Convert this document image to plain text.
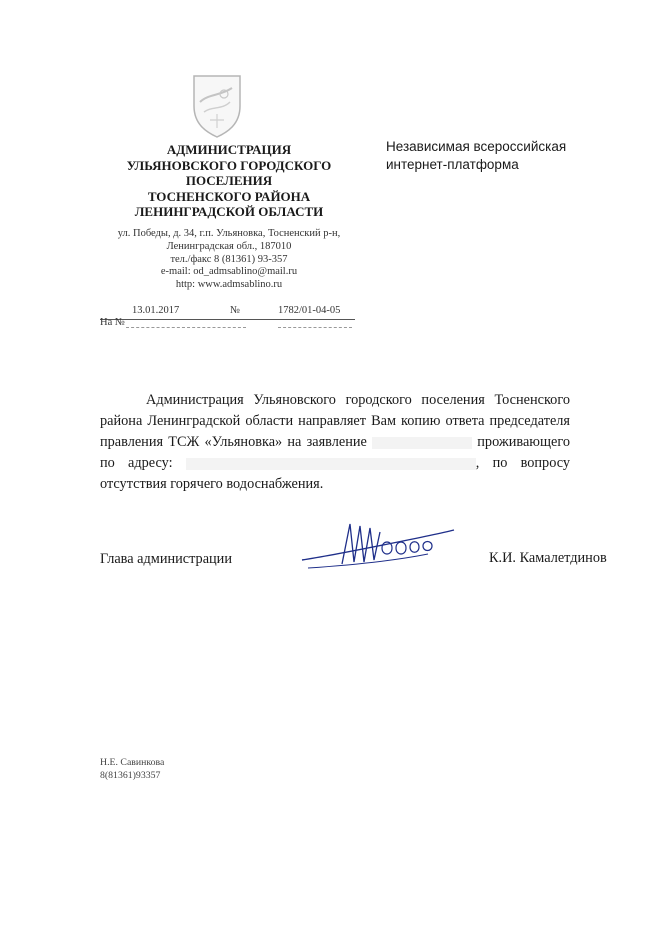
АДМИНИСТРАЦИЯ
УЛЬЯНОВСКОГО ГОРОДСКОГО
ПОСЕЛЕНИЯ
ТОСНЕНСКОГО РАЙОНА
ЛЕНИНГРАДСКОЙ ОБЛАСТИ
ул. Победы, д. 34, г.п. Ульяновка, Тосненский р-н,
Ленинградская обл., 187010
тел./факс 8 (81361) 93-357
e-mail: od_admsablino@mail.ru
http: www.admsablino.ru
13.01.2017	№	1782/01-04-05
На №
Независимая всероссийская
интернет-платформа

Администрация Ульяновского городского поселения Тосненского района Ленинградской области направляет Вам копию ответа председателя правления ТСЖ «Ульяновка» на заявление	проживающего по адресу:	, по вопросу отсутствия горячего водоснабжения.

Глава администрации	К.И. Камалетдинов
Н.Е. Савинкова
8(81361)93357
